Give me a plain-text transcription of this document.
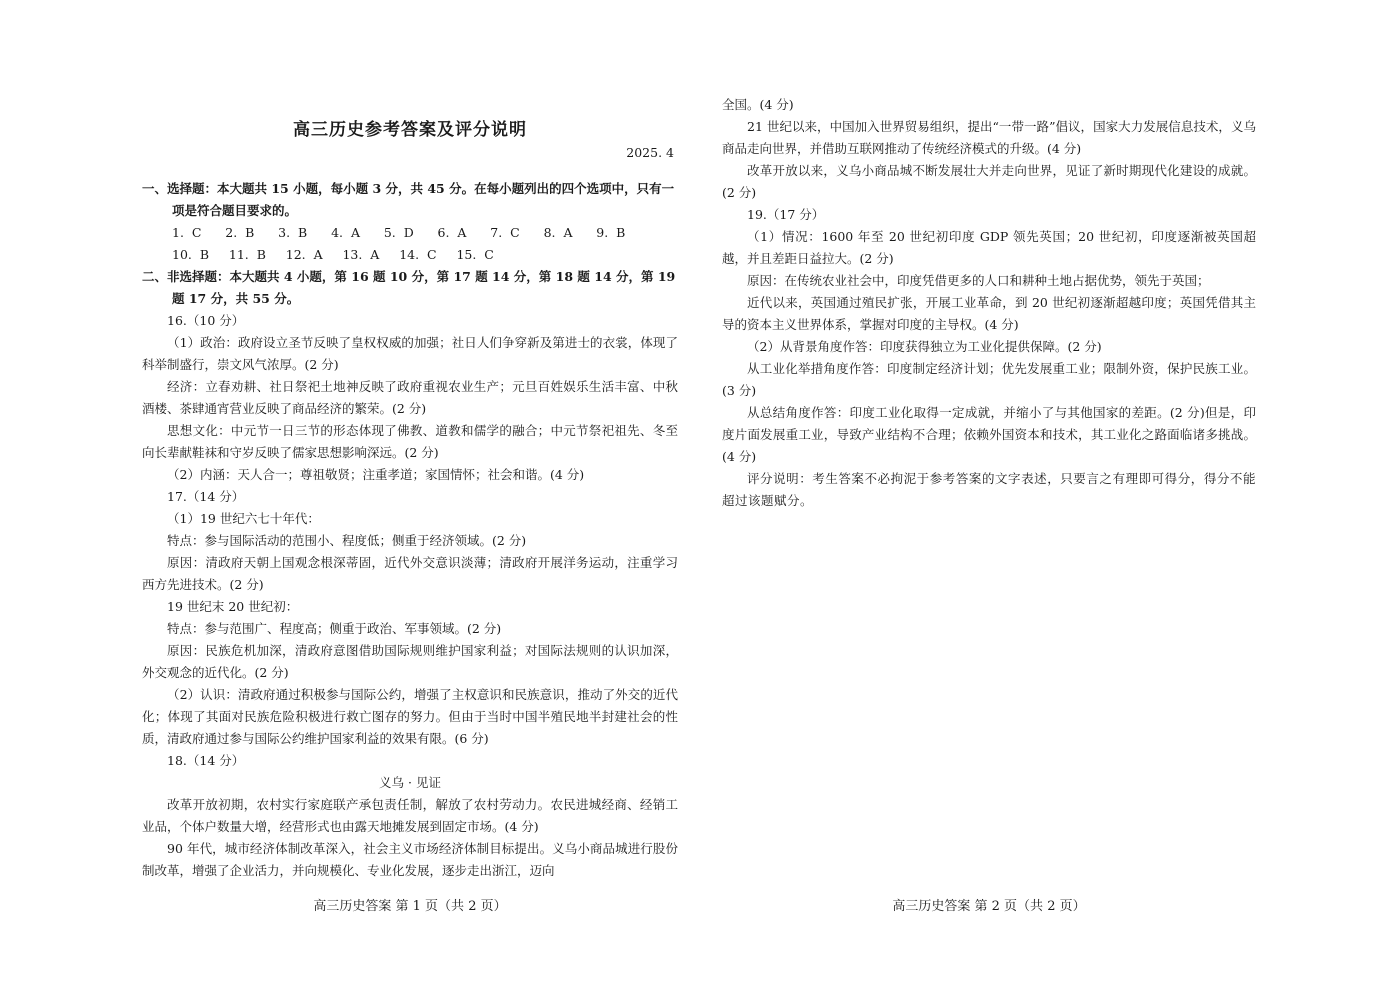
高三历史参考答案及评分说明
2025. 4

一、选择题：本大题共 15 小题，每小题 3 分，共 45 分。在每小题列出的四个选项中，只有一项是符合题目要求的。

1.  C      2.  B      3.  B      4.  A      5.  D      6.  A      7.  C      8.  A      9.  B

10.  B     11.  B     12.  A     13.  A     14.  C     15.  C

二、非选择题：本大题共 4 小题，第 16 题 10 分，第 17 题 14 分，第 18 题 14 分，第 19 题 17 分，共 55 分。

16.（10 分）

（1）政治：政府设立圣节反映了皇权权威的加强；社日人们争穿新及第进士的衣裳，体现了科举制盛行，崇文风气浓厚。(2 分)

经济：立春劝耕、社日祭祀土地神反映了政府重视农业生产；元旦百姓娱乐生活丰富、中秋酒楼、茶肆通宵营业反映了商品经济的繁荣。(2 分)

思想文化：中元节一日三节的形态体现了佛教、道教和儒学的融合；中元节祭祀祖先、冬至向长辈献鞋袜和守岁反映了儒家思想影响深远。(2 分)

（2）内涵：天人合一；尊祖敬贤；注重孝道；家国情怀；社会和谐。(4 分)

17.（14 分）

（1）19 世纪六七十年代：

特点：参与国际活动的范围小、程度低；侧重于经济领域。(2 分)

原因：清政府天朝上国观念根深蒂固，近代外交意识淡薄；清政府开展洋务运动，注重学习西方先进技术。(2 分)

19 世纪末 20 世纪初：

特点：参与范围广、程度高；侧重于政治、军事领域。(2 分)

原因：民族危机加深，清政府意图借助国际规则维护国家利益；对国际法规则的认识加深，外交观念的近代化。(2 分)

（2）认识：清政府通过积极参与国际公约，增强了主权意识和民族意识，推动了外交的近代化；体现了其面对民族危险积极进行救亡图存的努力。但由于当时中国半殖民地半封建社会的性质，清政府通过参与国际公约维护国家利益的效果有限。(6 分)

18.（14 分）

义乌 · 见证

改革开放初期，农村实行家庭联产承包责任制，解放了农村劳动力。农民进城经商、经销工业品，个体户数量大增，经营形式也由露天地摊发展到固定市场。(4 分)

90 年代，城市经济体制改革深入，社会主义市场经济体制目标提出。义乌小商品城进行股份制改革，增强了企业活力，并向规模化、专业化发展，逐步走出浙江，迈向

全国。(4 分)

21 世纪以来，中国加入世界贸易组织，提出“一带一路”倡议，国家大力发展信息技术，义乌商品走向世界，并借助互联网推动了传统经济模式的升级。(4 分)

改革开放以来，义乌小商品城不断发展壮大并走向世界，见证了新时期现代化建设的成就。(2 分)

19.（17 分）

（1）情况：1600 年至 20 世纪初印度 GDP 领先英国；20 世纪初，印度逐渐被英国超越，并且差距日益拉大。(2 分)

原因：在传统农业社会中，印度凭借更多的人口和耕种土地占据优势，领先于英国；

近代以来，英国通过殖民扩张，开展工业革命，到 20 世纪初逐渐超越印度；英国凭借其主导的资本主义世界体系，掌握对印度的主导权。(4 分)

（2）从背景角度作答：印度获得独立为工业化提供保障。(2 分)

从工业化举措角度作答：印度制定经济计划；优先发展重工业；限制外资，保护民族工业。(3 分)

从总结角度作答：印度工业化取得一定成就，并缩小了与其他国家的差距。(2 分)但是，印度片面发展重工业，导致产业结构不合理；依赖外国资本和技术，其工业化之路面临诸多挑战。(4 分)

评分说明：考生答案不必拘泥于参考答案的文字表述，只要言之有理即可得分，得分不能超过该题赋分。

高三历史答案 第 1 页（共 2 页）	高三历史答案 第 2 页（共 2 页）
